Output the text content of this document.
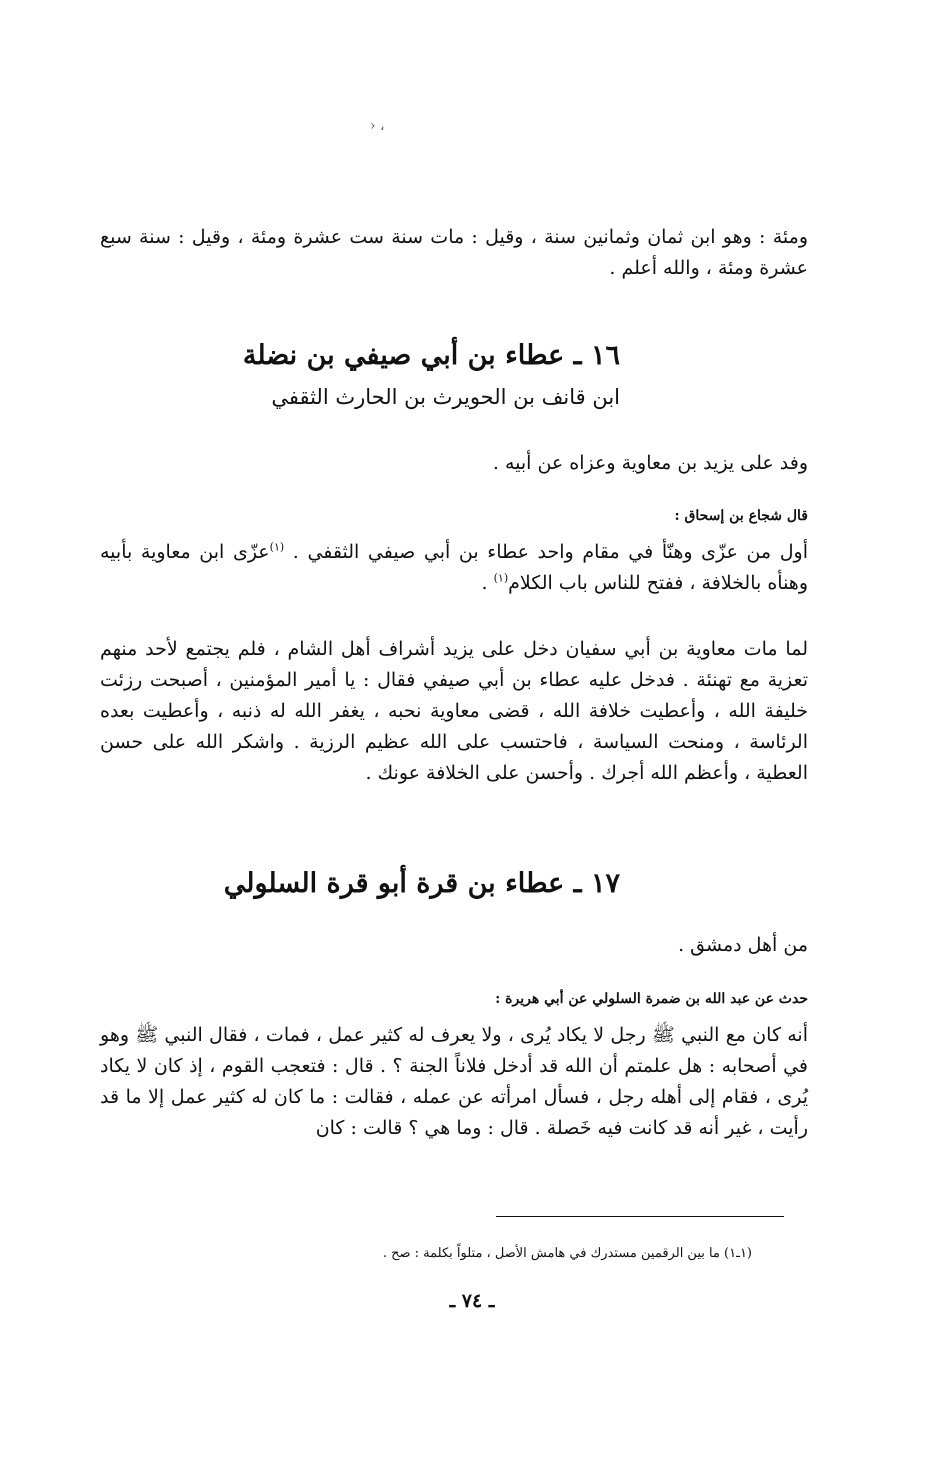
، ‹

ومئة : وهو ابن ثمان وثمانين سنة ، وقيل : مات سنة ست عشرة ومئة ، وقيل : سنة سبع عشرة ومئة ، والله أعلم .

١٦ ـ عطاء بن أبي صيفي بن نضلة
ابن قانف بن الحويرث بن الحارث الثقفي

وفد على يزيد بن معاوية وعزاه عن أبيه .

قال شجاع بن إسحاق :

أول من عزّى وهنّأ في مقام واحد عطاء بن أبي صيفي الثقفي . $^{(١)}$عزّى ابن معاوية بأبيه وهنأه بالخلافة ، ففتح للناس باب الكلام$^{(١)}$ .

لما مات معاوية بن أبي سفيان دخل على يزيد أشراف أهل الشام ، فلم يجتمع لأحد منهم تعزية مع تهنئة . فدخل عليه عطاء بن أبي صيفي فقال : يا أمير المؤمنين ، أصبحت رزئت خليفة الله ، وأعطيت خلافة الله ، قضى معاوية نحبه ، يغفر الله له ذنبه ، وأعطيت بعده الرئاسة ، ومنحت السياسة ، فاحتسب على الله عظيم الرزية . واشكر الله على حسن العطية ، وأعظم الله أجرك . وأحسن على الخلافة عونك .

١٧ ـ عطاء بن قرة أبو قرة السلولي

من أهل دمشق .

حدث عن عبد الله بن ضمرة السلولي عن أبي هريرة :

أنه كان مع النبي ﷺ رجل لا يكاد يُرى ، ولا يعرف له كثير عمل ، فمات ، فقال النبي ﷺ وهو في أصحابه : هل علمتم أن الله قد أدخل فلاناً الجنة ؟ . قال : فتعجب القوم ، إذ كان لا يكاد يُرى ، فقام إلى أهله رجل ، فسأل امرأته عن عمله ، فقالت : ما كان له كثير عمل إلا ما قد رأيت ، غير أنه قد كانت فيه خَصلة . قال : وما هي ؟ قالت : كان

(١ـ١) ما بين الرقمين مستدرك في هامش الأصل ، متلواً بكلمة : صح .

ـ ٧٤ ـ
